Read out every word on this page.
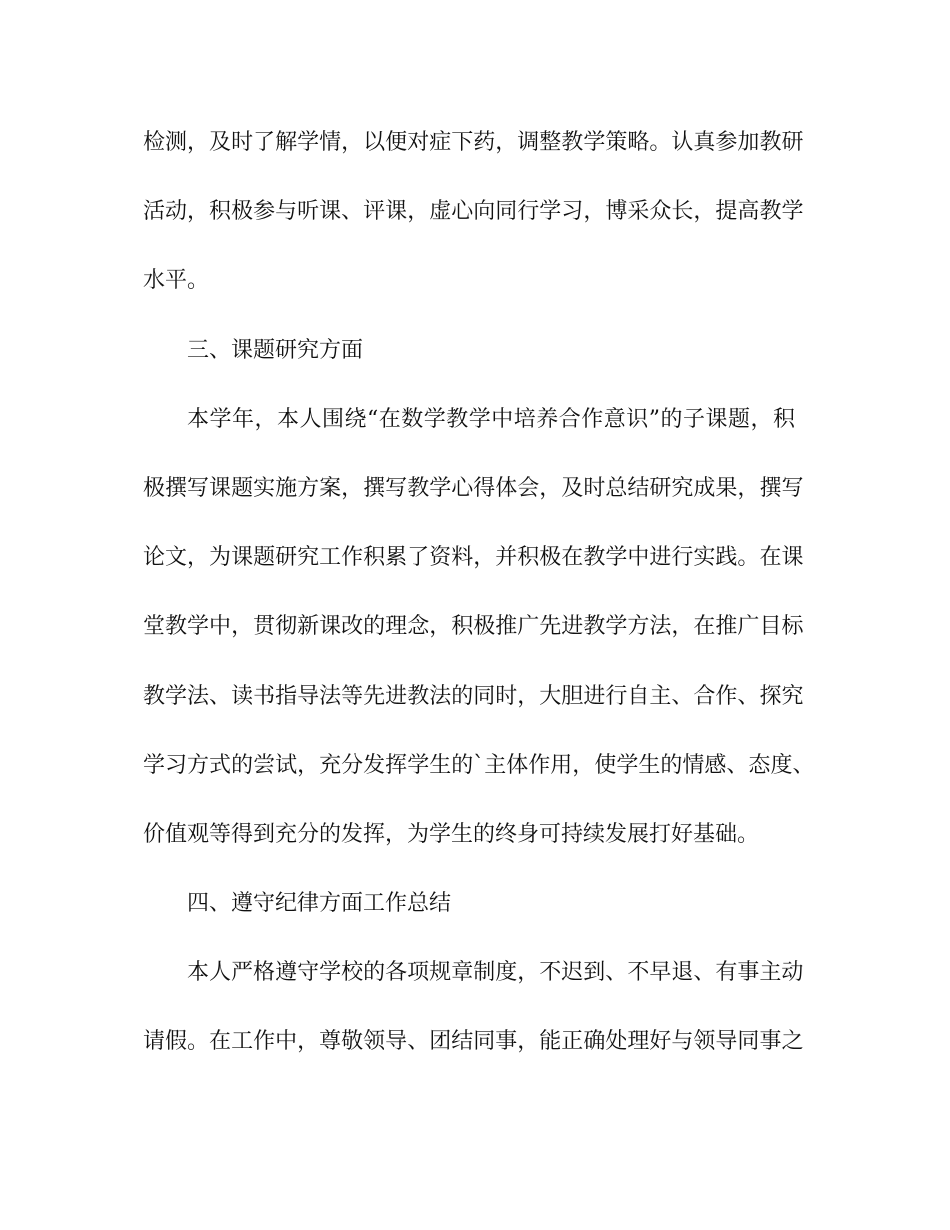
检 测 ， 及 时 了 解 学 情 ， 以 便 对 症 下 药 ， 调 整 教 学 策 略 。 认 真 参 加 教 研
活 动 ， 积 极 参 与 听 课 、 评 课 ， 虚 心 向 同 行 学 习 ， 博 采 众 长 ， 提 高 教 学
水平。
三、课题研究方面
本 学 年 ， 本 人 围 绕 “ 在 数 学 教 学 中 培 养 合 作 意 识 ” 的 子 课 题 ， 积
极 撰 写 课 题 实 施 方 案 ， 撰 写 教 学 心 得 体 会 ， 及 时 总 结 研 究 成 果 ， 撰 写
论 文 ， 为 课 题 研 究 工 作 积 累 了 资 料 ， 并 积 极 在 教 学 中 进 行 实 践 。 在 课
堂 教 学 中 ， 贯 彻 新 课 改 的 理 念 ， 积 极 推 广 先 进 教 学 方 法 ， 在 推 广 目 标
教 学 法 、 读 书 指 导 法 等 先 进 教 法 的 同 时 ， 大 胆 进 行 自 主 、 合 作 、 探 究
学 习 方 式 的 尝 试 ， 充 分 发 挥 学 生 的 ` 主 体 作 用 ， 使 学 生 的 情 感 、 态 度 、
价值观等得到充分的发挥，为学生的终身可持续发展打好基础。
四、遵守纪律方面工作总结
本 人 严 格 遵 守 学 校 的 各 项 规 章 制 度 ， 不 迟 到 、 不 早 退 、 有 事 主 动
请 假 。 在 工 作 中 ， 尊 敬 领 导 、 团 结 同 事 ， 能 正 确 处 理 好 与 领 导 同 事 之
